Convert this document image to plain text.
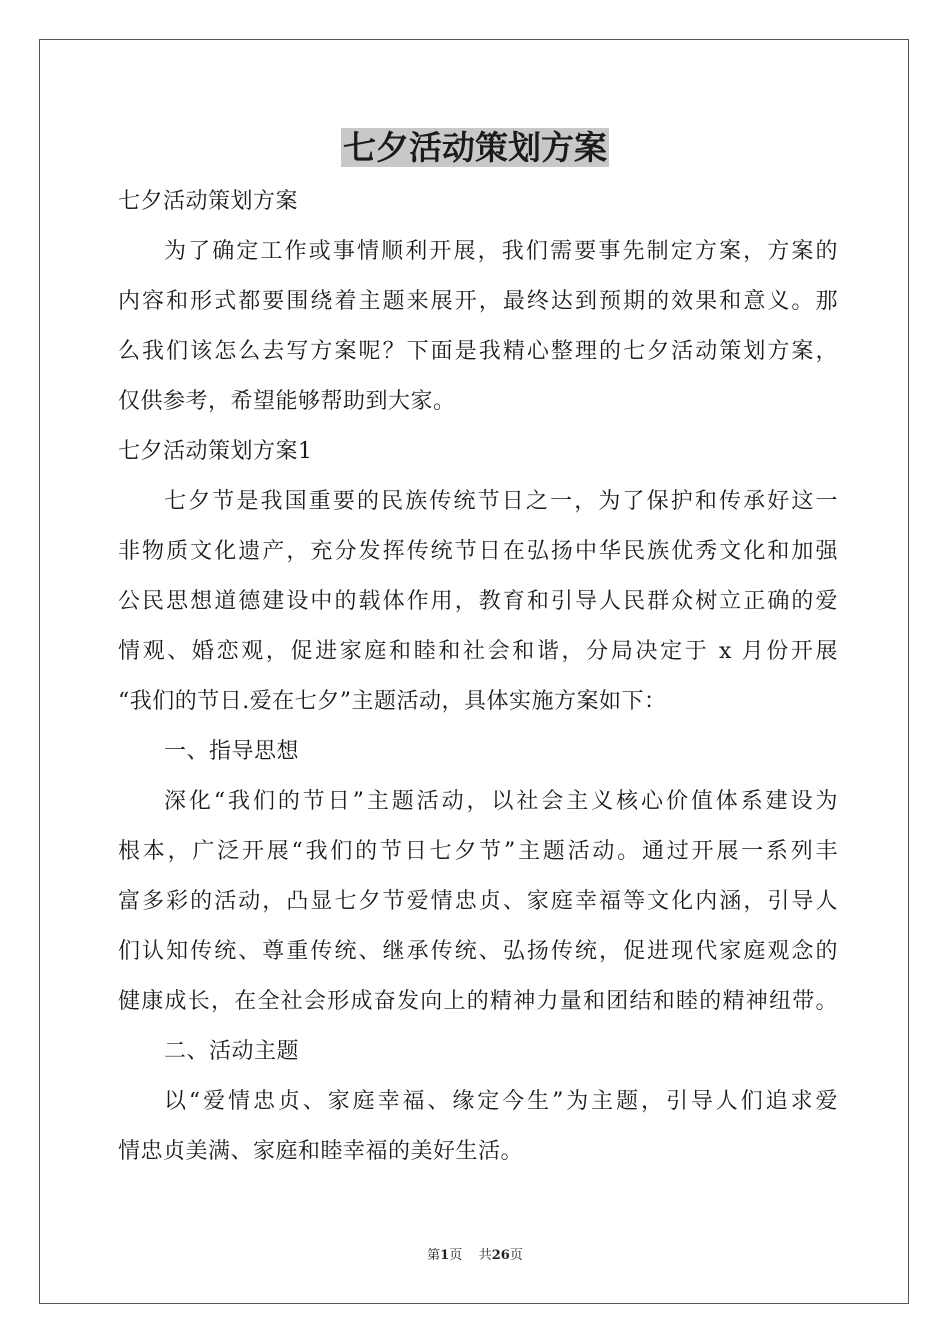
七夕活动策划方案
七夕活动策划方案
为了确定工作或事情顺利开展，我们需要事先制定方案，方案的
内容和形式都要围绕着主题来展开，最终达到预期的效果和意义。那
么我们该怎么去写方案呢？下面是我精心整理的七夕活动策划方案，
仅供参考，希望能够帮助到大家。
七夕活动策划方案1
七夕节是我国重要的民族传统节日之一，为了保护和传承好这一
非物质文化遗产，充分发挥传统节日在弘扬中华民族优秀文化和加强
公民思想道德建设中的载体作用，教育和引导人民群众树立正确的爱
情观、婚恋观，促进家庭和睦和社会和谐，分局决定于 x 月份开展
“我们的节日.爱在七夕”主题活动，具体实施方案如下：
一、指导思想
深化“我们的节日”主题活动，以社会主义核心价值体系建设为
根本，广泛开展“我们的节日七夕节”主题活动。通过开展一系列丰
富多彩的活动，凸显七夕节爱情忠贞、家庭幸福等文化内涵，引导人
们认知传统、尊重传统、继承传统、弘扬传统，促进现代家庭观念的
健康成长，在全社会形成奋发向上的精神力量和团结和睦的精神纽带。
二、活动主题
以“爱情忠贞、家庭幸福、缘定今生”为主题，引导人们追求爱
情忠贞美满、家庭和睦幸福的美好生活。
第1页 共26页
